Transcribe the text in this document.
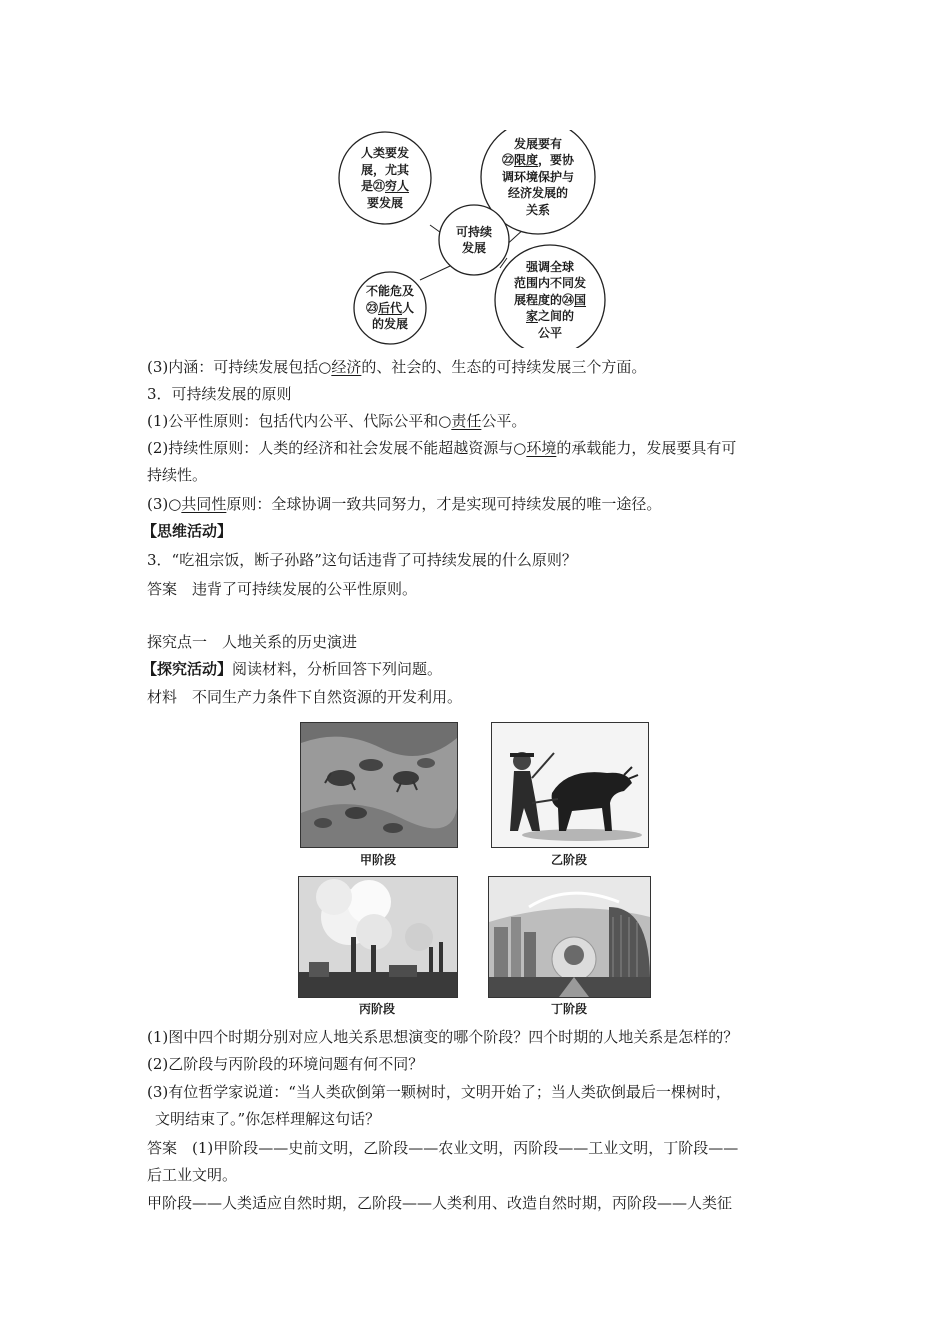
人类要发
展，尤其
是㉑穷人
要发展
发展要有
㉒限度，要协
调环境保护与
经济发展的
关系
可持续
发展
不能危及
㉓后代人
的发展
强调全球
范围内不同发
展程度的㉔国
家之间的
公平
(3)内涵：可持续发展包括○经济的、社会的、生态的可持续发展三个方面。
3．可持续发展的原则
(1)公平性原则：包括代内公平、代际公平和○责任公平。
(2)持续性原则：人类的经济和社会发展不能超越资源与○环境的承载能力，发展要具有可
持续性。
(3)○共同性原则：全球协调一致共同努力，才是实现可持续发展的唯一途径。
【思维活动】
3．“吃祖宗饭，断子孙路”这句话违背了可持续发展的什么原则？
答案　违背了可持续发展的公平性原则。
探究点一　人地关系的历史演进
【探究活动】阅读材料，分析回答下列问题。
材料　不同生产力条件下自然资源的开发利用。
甲阶段	乙阶段
丙阶段	丁阶段
(1)图中四个时期分别对应人地关系思想演变的哪个阶段？四个时期的人地关系是怎样的？
(2)乙阶段与丙阶段的环境问题有何不同？
(3)有位哲学家说道：“当人类砍倒第一颗树时，文明开始了；当人类砍倒最后一棵树时，
文明结束了。”你怎样理解这句话？
答案　(1)甲阶段——史前文明，乙阶段——农业文明，丙阶段——工业文明，丁阶段——
后工业文明。
甲阶段——人类适应自然时期，乙阶段——人类利用、改造自然时期，丙阶段——人类征
